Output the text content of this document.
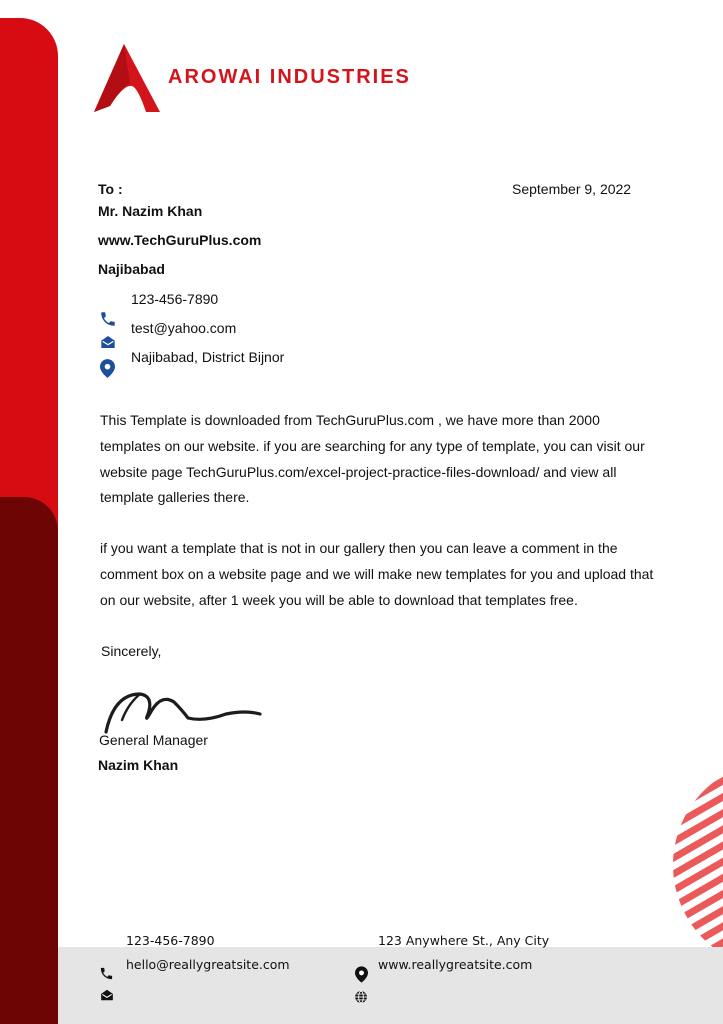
AROWAI INDUSTRIES
To :	September 9, 2022
Mr. Nazim Khan
www.TechGuruPlus.com
Najibabad
123-456-7890
test@yahoo.com
Najibabad, District Bijnor
This Template is downloaded from TechGuruPlus.com , we have more than 2000 templates on our website. if you are searching for any type of template, you can visit our website page TechGuruPlus.com/excel-project-practice-files-download/ and view all template galleries there.
if you want a template that is not in our gallery then you can leave a comment in the comment box on a website page and we will make new templates for you and upload that on our website, after 1 week you will be able to download that templates free.
Sincerely,
General Manager
Nazim Khan
123-456-7890
hello@reallygreatsite.com
123 Anywhere St., Any City
www.reallygreatsite.com
